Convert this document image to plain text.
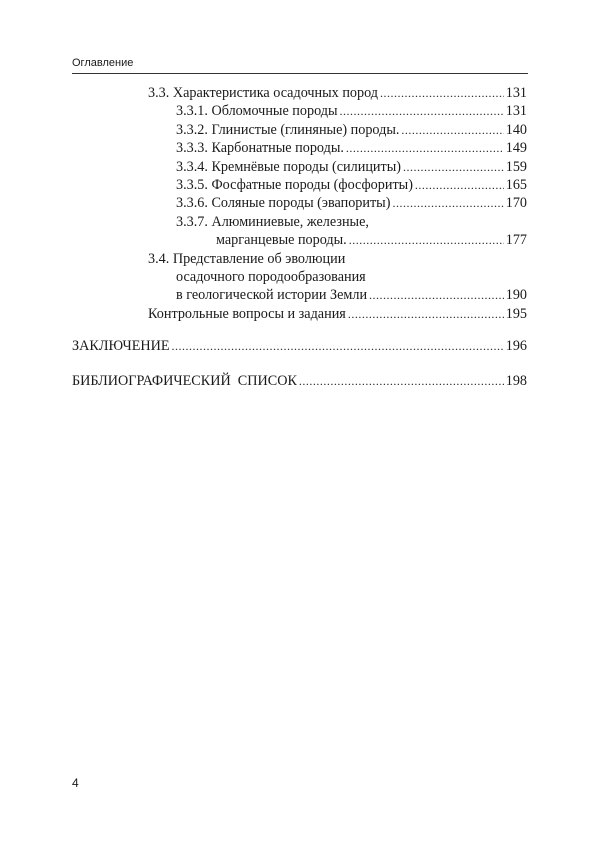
Оглавление
3.3. Характеристика осадочных пород .....	131
3.3.1. Обломочные породы .....	131
3.3.2. Глинистые (глиняные) породы. .....	140
3.3.3. Карбонатные породы. .....	149
3.3.4. Кремнёвые породы (силициты) .....	159
3.3.5. Фосфатные породы (фосфориты) .....	165
3.3.6. Соляные породы (эвапориты) .....	170
3.3.7. Алюминиевые, железные,
марганцевые породы. .....	177
3.4. Представление об эволюции
осадочного породообразования
в геологической истории Земли .....	190
Контрольные вопросы и задания .....	195
ЗАКЛЮЧЕНИЕ .....	196
БИБЛИОГРАФИЧЕСКИЙ  СПИСОК .....	198
4
